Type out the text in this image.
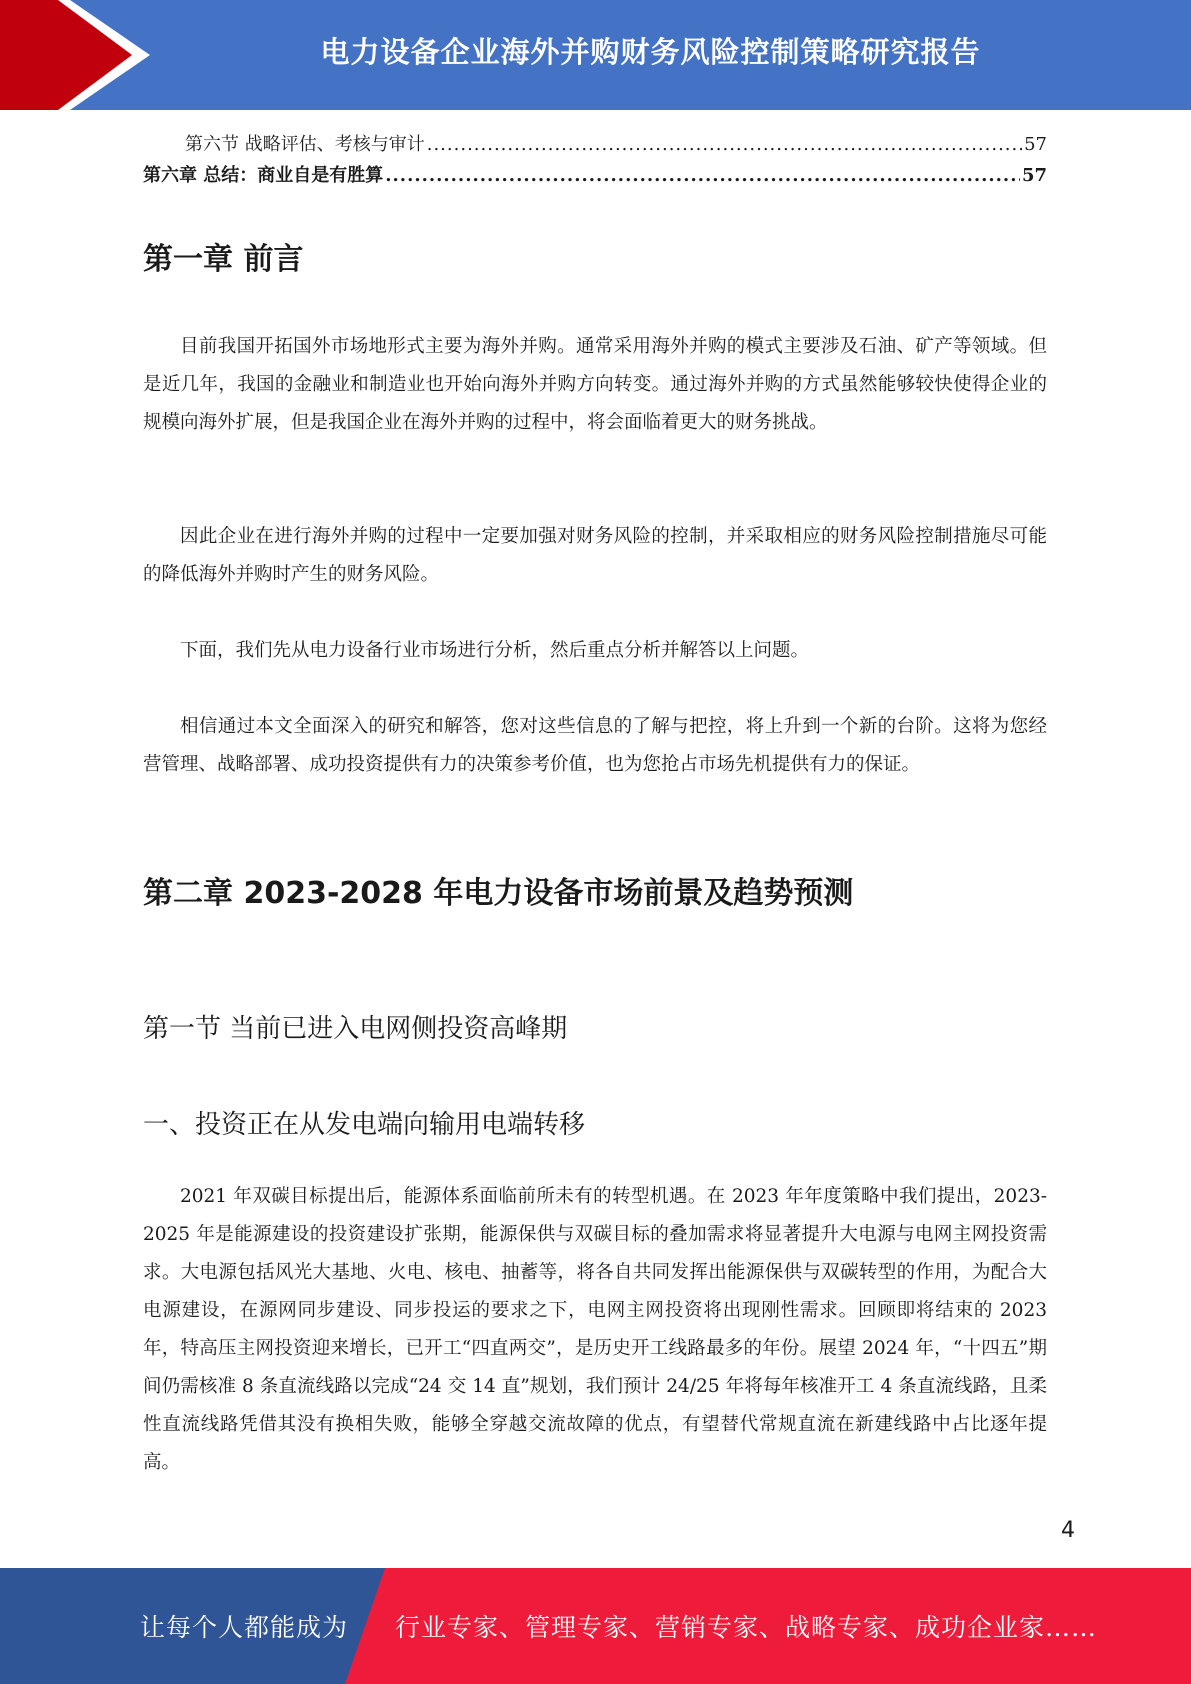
电力设备企业海外并购财务风险控制策略研究报告
第六节 战略评估、考核与审计 .....	57
第六章 总结：商业自是有胜算 .....	57
第一章 前言

目前我国开拓国外市场地形式主要为海外并购。通常采用海外并购的模式主要涉及石油、矿产等领域。但是近几年，我国的金融业和制造业也开始向海外并购方向转变。通过海外并购的方式虽然能够较快使得企业的规模向海外扩展，但是我国企业在海外并购的过程中，将会面临着更大的财务挑战。

因此企业在进行海外并购的过程中一定要加强对财务风险的控制，并采取相应的财务风险控制措施尽可能的降低海外并购时产生的财务风险。

下面，我们先从电力设备行业市场进行分析，然后重点分析并解答以上问题。

相信通过本文全面深入的研究和解答，您对这些信息的了解与把控，将上升到一个新的台阶。这将为您经营管理、战略部署、成功投资提供有力的决策参考价值，也为您抢占市场先机提供有力的保证。

第二章 2023-2028 年电力设备市场前景及趋势预测
第一节 当前已进入电网侧投资高峰期
一、投资正在从发电端向输用电端转移

2021 年双碳目标提出后，能源体系面临前所未有的转型机遇。在 2023 年年度策略中我们提出，2023-2025 年是能源建设的投资建设扩张期，能源保供与双碳目标的叠加需求将显著提升大电源与电网主网投资需求。大电源包括风光大基地、火电、核电、抽蓄等，将各自共同发挥出能源保供与双碳转型的作用，为配合大电源建设，在源网同步建设、同步投运的要求之下，电网主网投资将出现刚性需求。回顾即将结束的 2023 年，特高压主网投资迎来增长，已开工“四直两交”，是历史开工线路最多的年份。展望 2024 年，“十四五”期间仍需核准 8 条直流线路以完成“24 交 14 直”规划，我们预计 24/25 年将每年核准开工 4 条直流线路，且柔性直流线路凭借其没有换相失败，能够全穿越交流故障的优点，有望替代常规直流在新建线路中占比逐年提高。

4
让每个人都能成为 行业专家、管理专家、营销专家、战略专家、成功企业家……
